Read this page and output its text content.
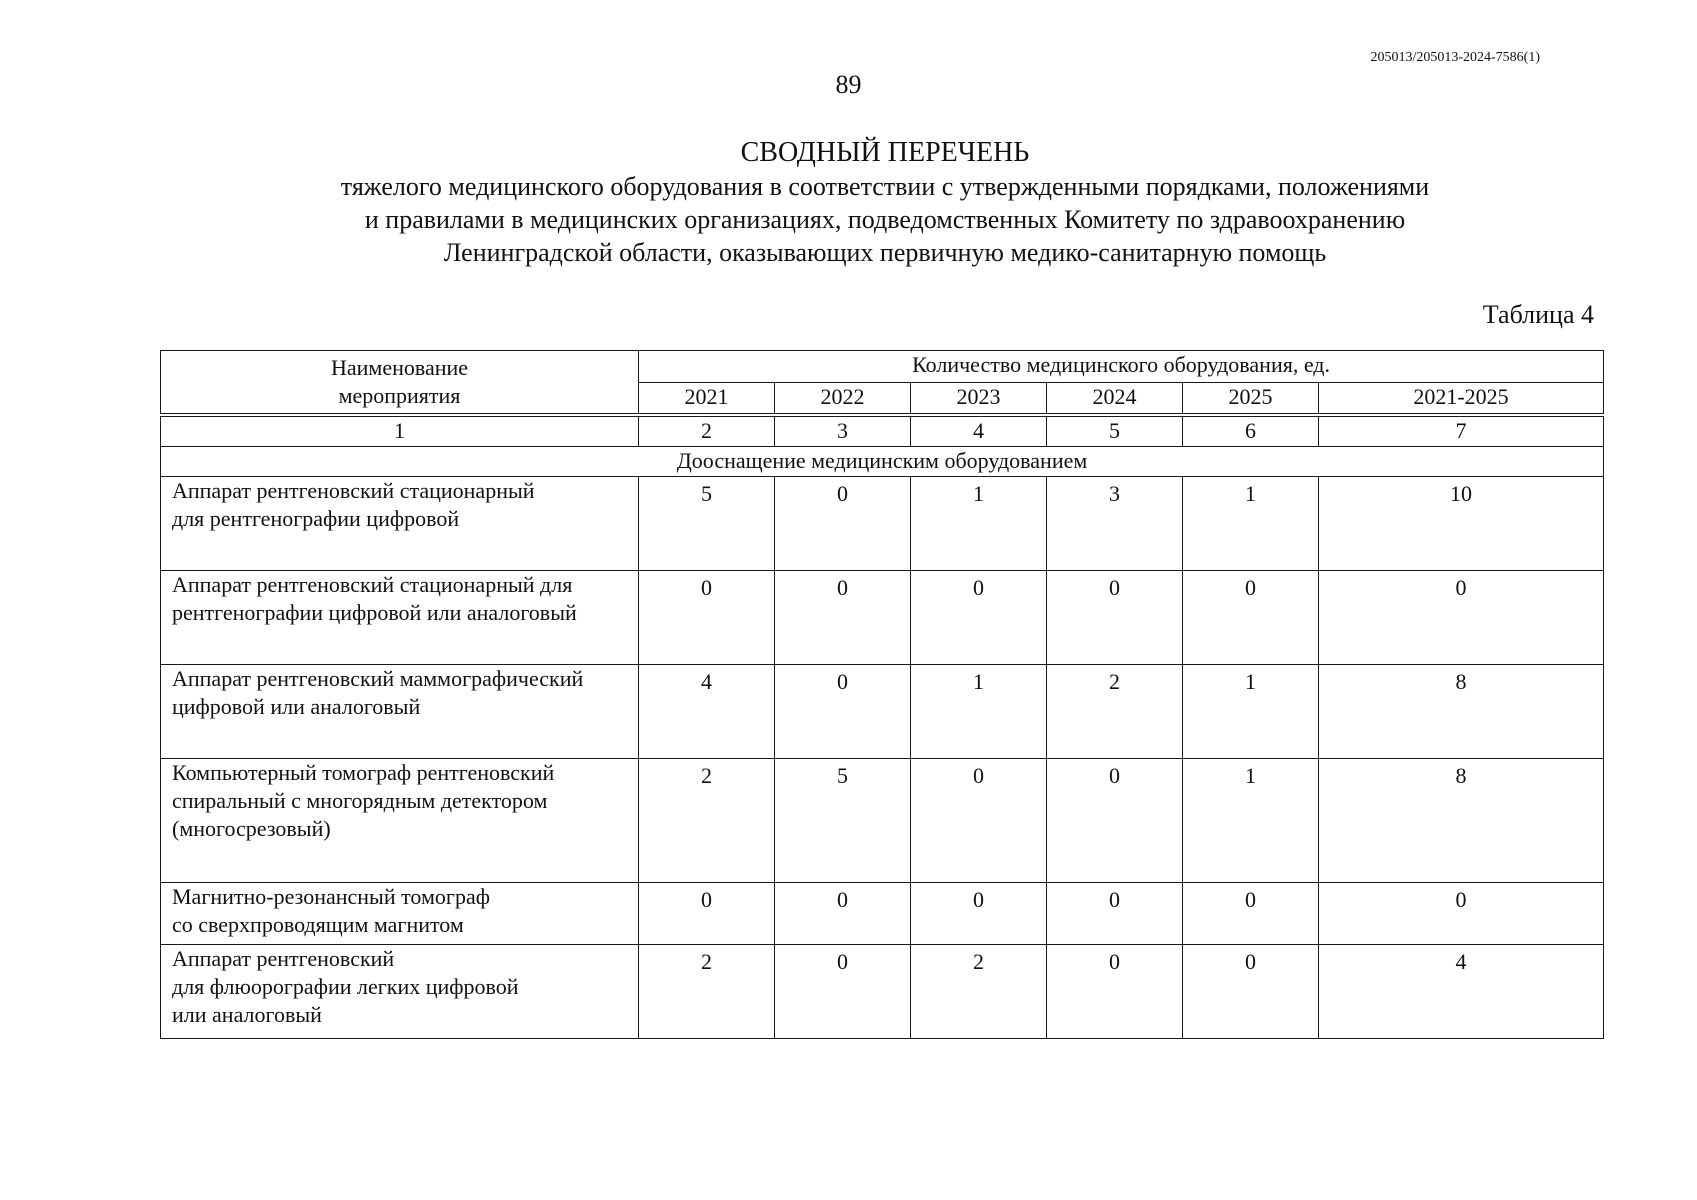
205013/205013-2024-7586(1)
89
СВОДНЫЙ ПЕРЕЧЕНЬ
тяжелого медицинского оборудования в соответствии с утвержденными порядками, положениями
и правилами в медицинских организациях, подведомственных Комитету по здравоохранению
Ленинградской области, оказывающих первичную медико-санитарную помощь
Таблица 4
Наименование
мероприятия	Количество медицинского оборудования, ед.					
	2021	2022	2023	2024	2025	2021-2025
1	2	3	4	5	6	7
Дооснащение медицинским оборудованием						

Аппарат рентгеновский стационарный
для рентгенографии цифровой	5	0	1	3	1	10

Аппарат рентгеновский стационарный для
рентгенографии цифровой или аналоговый	0	0	0	0	0	0

Аппарат рентгеновский маммографический
цифровой или аналоговый	4	0	1	2	1	8

Компьютерный томограф рентгеновский
спиральный с многорядным детектором
(многосрезовый)	2	5	0	0	1	8

Магнитно-резонансный томограф
со сверхпроводящим магнитом	0	0	0	0	0	0

Аппарат рентгеновский
для флюорографии легких цифровой
или аналоговый	2	0	2	0	0	4
